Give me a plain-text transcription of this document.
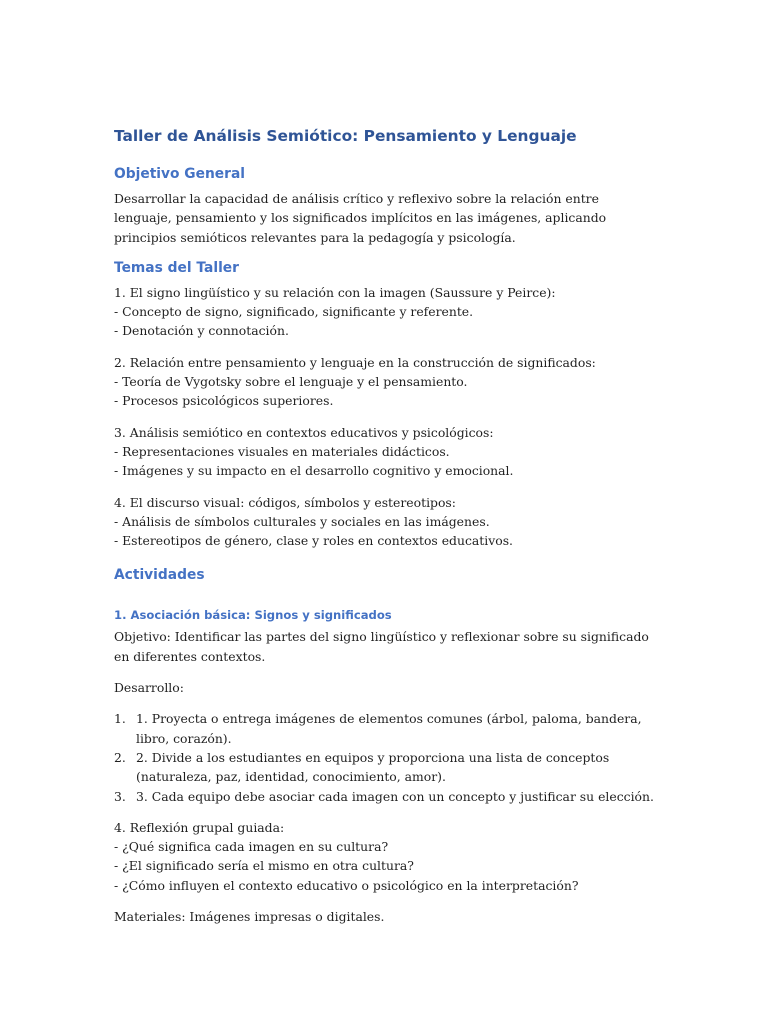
Taller de Análisis Semiótico: Pensamiento y Lenguaje
Objetivo General

Desarrollar la capacidad de análisis crítico y reflexivo sobre la relación entre lenguaje, pensamiento y los significados implícitos en las imágenes, aplicando principios semióticos relevantes para la pedagogía y psicología.

Temas del Taller
1. El signo lingüístico y su relación con la imagen (Saussure y Peirce):
- Concepto de signo, significado, significante y referente.
- Denotación y connotación.
2. Relación entre pensamiento y lenguaje en la construcción de significados:
- Teoría de Vygotsky sobre el lenguaje y el pensamiento.
- Procesos psicológicos superiores.
3. Análisis semiótico en contextos educativos y psicológicos:
- Representaciones visuales en materiales didácticos.
- Imágenes y su impacto en el desarrollo cognitivo y emocional.
4. El discurso visual: códigos, símbolos y estereotipos:
- Análisis de símbolos culturales y sociales en las imágenes.
- Estereotipos de género, clase y roles en contextos educativos.
Actividades
1. Asociación básica: Signos y significados

Objetivo: Identificar las partes del signo lingüístico y reflexionar sobre su significado en diferentes contextos.

Desarrollo:

1. 1. Proyecta o entrega imágenes de elementos comunes (árbol, paloma, bandera, libro, corazón).
2. 2. Divide a los estudiantes en equipos y proporciona una lista de conceptos (naturaleza, paz, identidad, conocimiento, amor).
3. 3. Cada equipo debe asociar cada imagen con un concepto y justificar su elección.
4. Reflexión grupal guiada:
- ¿Qué significa cada imagen en su cultura?
- ¿El significado sería el mismo en otra cultura?
- ¿Cómo influyen el contexto educativo o psicológico en la interpretación?

Materiales: Imágenes impresas o digitales.
